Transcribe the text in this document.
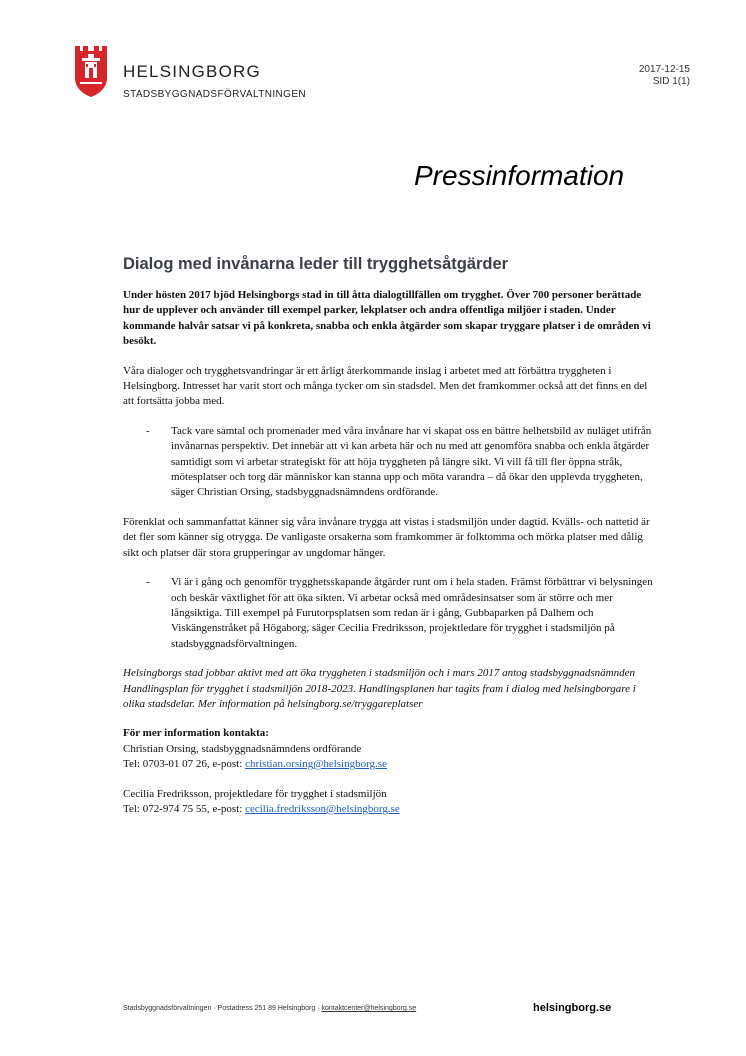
HELSINGBORG
STADSBYGGNADSFÖRVALTNINGEN
2017-12-15
SID 1(1)
Pressinformation
Dialog med invånarna leder till trygghetsåtgärder

Under hösten 2017 bjöd Helsingborgs stad in till åtta dialogtillfällen om trygghet. Över 700 personer berättade hur de upplever och använder till exempel parker, lekplatser och andra offentliga miljöer i staden. Under kommande halvår satsar vi på konkreta, snabba och enkla åtgärder som skapar tryggare platser i de områden vi besökt.

Våra dialoger och trygghetsvandringar är ett årligt återkommande inslag i arbetet med att förbättra tryggheten i Helsingborg. Intresset har varit stort och många tycker om sin stadsdel. Men det framkommer också att det finns en del att fortsätta jobba med.

- Tack vare samtal och promenader med våra invånare har vi skapat oss en bättre helhetsbild av nuläget utifrån invånarnas perspektiv. Det innebär att vi kan arbeta här och nu med att genomföra snabba och enkla åtgärder samtidigt som vi arbetar strategiskt för att höja tryggheten på längre sikt. Vi vill få till fler öppna stråk, mötesplatser och torg där människor kan stanna upp och möta varandra – då ökar den upplevda tryggheten, säger Christian Orsing, stadsbyggnadsnämndens ordförande.

Förenklat och sammanfattat känner sig våra invånare trygga att vistas i stadsmiljön under dagtid. Kvälls- och nattetid är det fler som känner sig otrygga. De vanligaste orsakerna som framkommer är folktomma och mörka platser med dålig sikt och platser där stora grupperingar av ungdomar hänger.

- Vi är i gång och genomför trygghetsskapande åtgärder runt om i hela staden. Främst förbättrar vi belysningen och beskär växtlighet för att öka sikten. Vi arbetar också med områdesinsatser som är större och mer långsiktiga. Till exempel på Furutorpsplatsen som redan är i gång, Gubbaparken på Dalhem och Viskängenstråket på Högaborg, säger Cecilia Fredriksson, projektledare för trygghet i stadsmiljön på stadsbyggnadsförvaltningen.

Helsingborgs stad jobbar aktivt med att öka tryggheten i stadsmiljön och i mars 2017 antog stadsbyggnadsnämnden Handlingsplan för trygghet i stadsmiljön 2018-2023. Handlingsplanen har tagits fram i dialog med helsingborgare i olika stadsdelar. Mer information på helsingborg.se/tryggareplatser

För mer information kontakta:
Christian Orsing, stadsbyggnadsnämndens ordförande
Tel: 0703-01 07 26, e-post: christian.orsing@helsingborg.se
Cecilia Fredriksson, projektledare för trygghet i stadsmiljön
Tel: 072-974 75 55, e-post: cecilia.fredriksson@helsingborg.se
Stadsbyggnadsförvaltningen · Postadress 251 89 Helsingborg · kontaktcenter@helsingborg.se	helsingborg.se
